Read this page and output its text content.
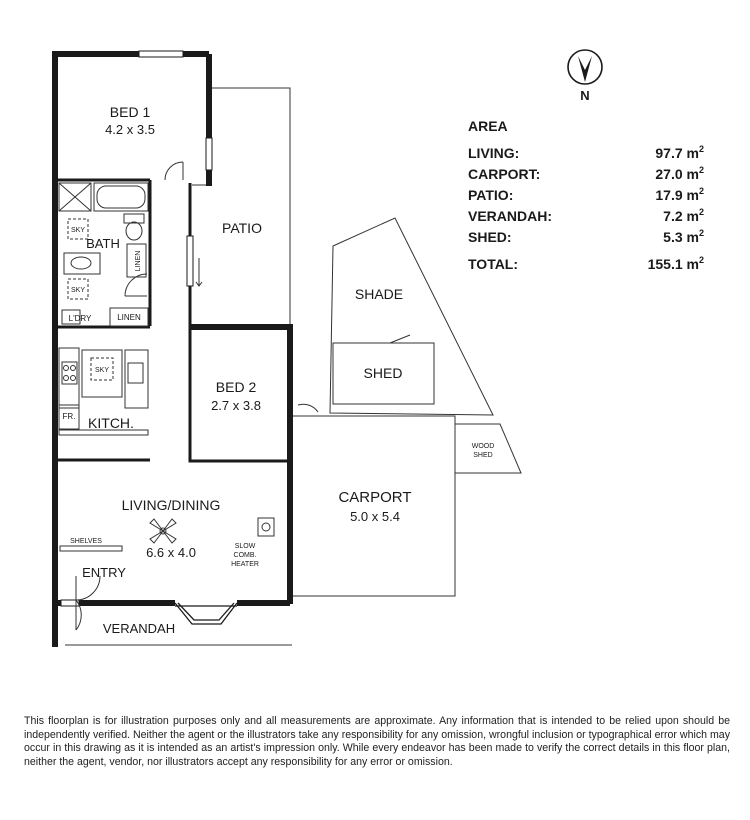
N
BED 1
4.2 x 3.5
BATH
LINEN
LINEN
L'DRY
SKY
SKY
SKY
FR. KITCH.
BED 2
2.7 x 3.8
LIVING/DINING
6.6 x 4.0
SHELVES
SLOW
COMB.
HEATER
ENTRY
VERANDAH
PATIO
SHADE
SHED
WOOD
SHED
CARPORT
5.0 x 5.4
AREA
LIVING:	97.7 $m^2$
CARPORT:	27.0 $m^2$
PATIO:	17.9 $m^2$
VERANDAH:	7.2 $m^2$
SHED:	5.3 $m^2$
TOTAL:	155.1 $m^2$
This floorplan is for illustration purposes only and all measurements are approximate. Any information that is intended to be relied upon should be independently verified. Neither the agent or the illustrators take any responsibility for any omission, wrongful inclusion or typographical error which may occur in this drawing as it is intended as an artist's impression only. While every endeavor has been made to verify the correct details in this floor plan, neither the agent, vendor, nor illustrators accept any responsibility for any error or omission.
